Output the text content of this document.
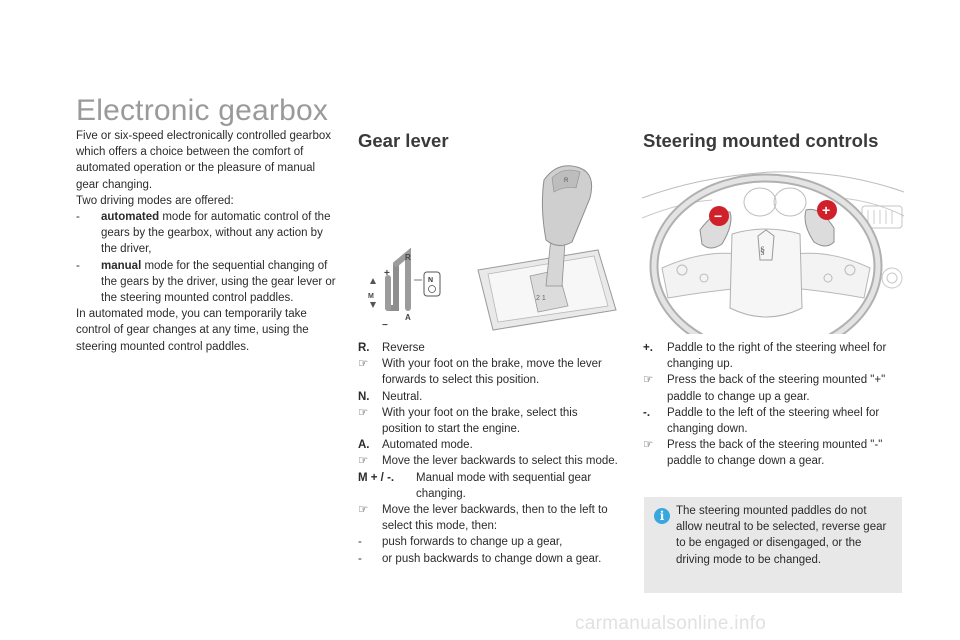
Electronic gearbox

Five or six-speed electronically controlled gearbox which offers a choice between the comfort of automated operation or the pleasure of manual gear changing.

Two driving modes are offered:

-	automated mode for automatic control of the gears by the gearbox, without any action by the driver,
-	manual mode for the sequential changing of the gears by the driver, using the gear lever or the steering mounted control paddles.

In automated mode, you can temporarily take control of gear changes at any time, using the steering mounted control paddles.

Gear lever
2 1
R
R
A
M
+
−
N
R.	Reverse
☞	With your foot on the brake, move the lever forwards to select this position.
N.	Neutral.
☞	With your foot on the brake, select this position to start the engine.
A.	Automated mode.
☞	Move the lever backwards to select this mode.
M + / -.	Manual mode with sequential gear changing.
☞	Move the lever backwards, then to the left to select this mode, then:
-	push forwards to change up a gear,
-	or push backwards to change down a gear.
Steering mounted controls
§
−	+
+.	Paddle to the right of the steering wheel for changing up.
☞	Press the back of the steering mounted "+" paddle to change up a gear.
-.	Paddle to the left of the steering wheel for changing down.
☞	Press the back of the steering mounted "-" paddle to change down a gear.
i	The steering mounted paddles do not allow neutral to be selected, reverse gear to be engaged or disengaged, or the driving mode to be changed.
carmanualsonline.info
